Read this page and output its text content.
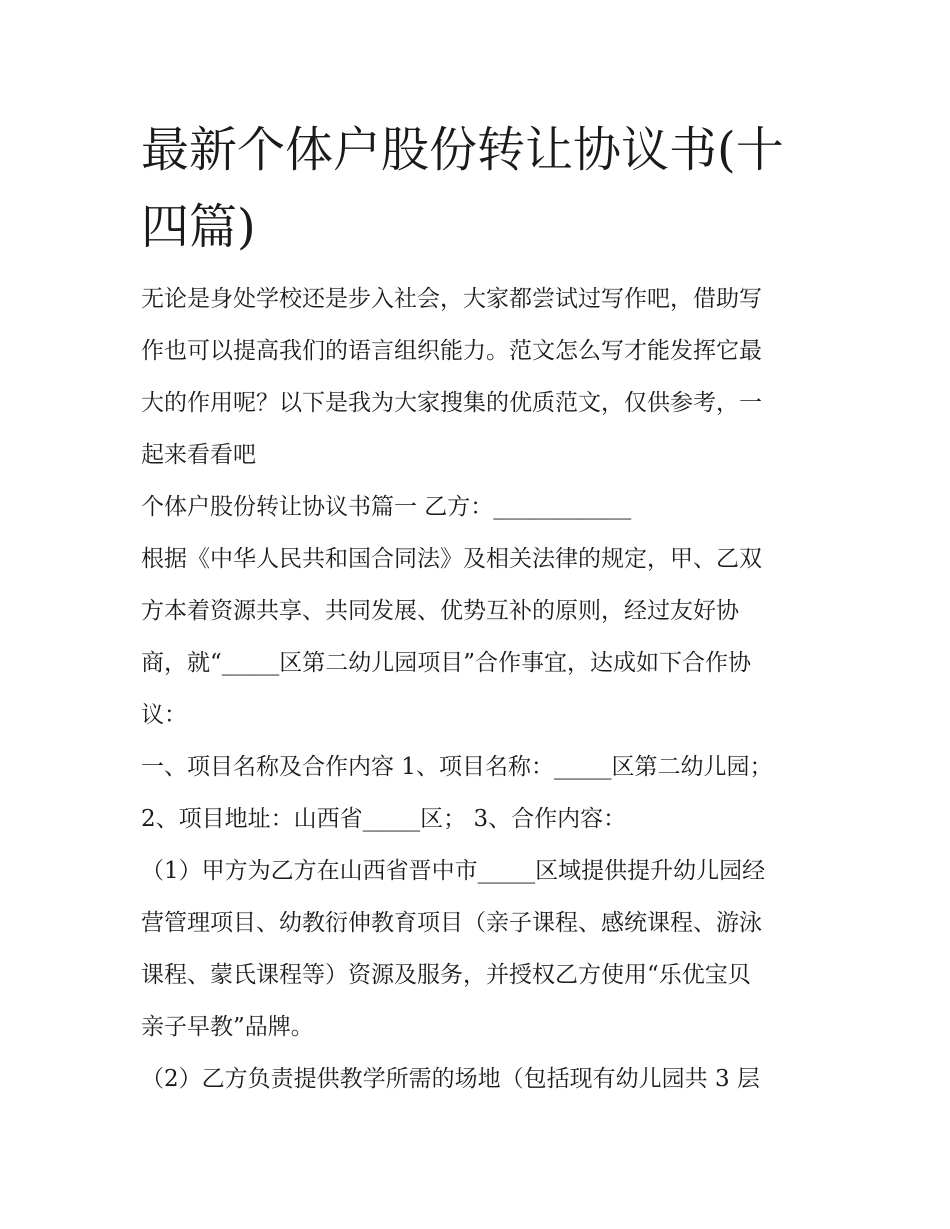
最新个体户股份转让协议书(十
四篇)
无论是身处学校还是步入社会，大家都尝试过写作吧，借助写
作也可以提高我们的语言组织能力。范文怎么写才能发挥它最
大的作用呢？以下是我为大家搜集的优质范文，仅供参考，一
起来看看吧
个体户股份转让协议书篇一 乙方：____________
根据《中华人民共和国合同法》及相关法律的规定，甲、乙双
方本着资源共享、共同发展、优势互补的原则，经过友好协
商，就“_____区第二幼儿园项目”合作事宜，达成如下合作协
议：
一、项目名称及合作内容 1、项目名称：_____区第二幼儿园；
2、项目地址：山西省_____区； 3、合作内容：
（1）甲方为乙方在山西省晋中市_____区域提供提升幼儿园经
营管理项目、幼教衍伸教育项目（亲子课程、感统课程、游泳
课程、蒙氏课程等）资源及服务，并授权乙方使用“乐优宝贝
亲子早教”品牌。
（2）乙方负责提供教学所需的场地（包括现有幼儿园共 3 层
